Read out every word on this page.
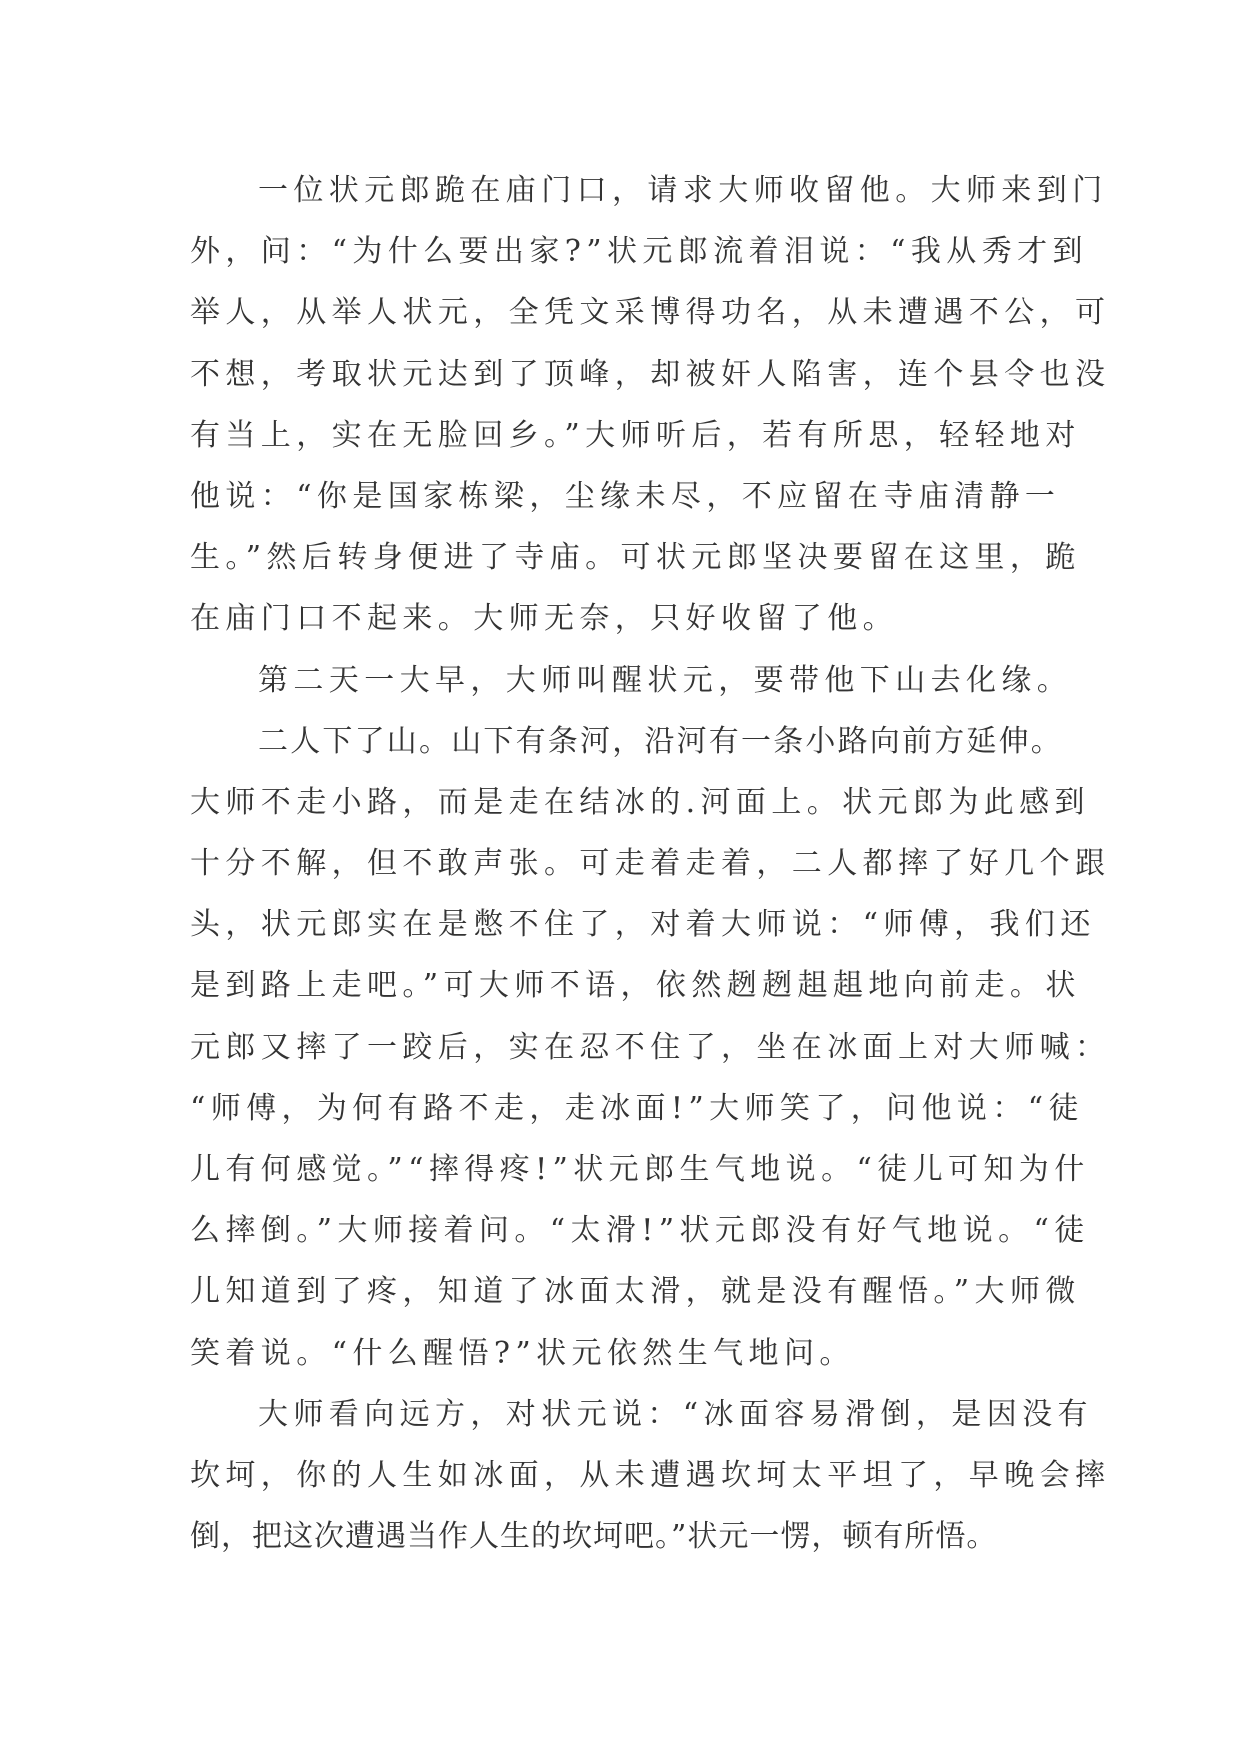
一位状元郎跪在庙门口，请求大师收留他。大师来到门
外，问：“为什么要出家?”状元郎流着泪说：“我从秀才到
举人，从举人状元，全凭文采博得功名，从未遭遇不公，可
不想，考取状元达到了顶峰，却被奸人陷害，连个县令也没
有当上，实在无脸回乡。”大师听后，若有所思，轻轻地对
他说：“你是国家栋梁，尘缘未尽，不应留在寺庙清静一
生。”然后转身便进了寺庙。可状元郎坚决要留在这里，跪
在庙门口不起来。大师无奈，只好收留了他。
第二天一大早，大师叫醒状元，要带他下山去化缘。
二人下了山。山下有条河，沿河有一条小路向前方延伸。
大师不走小路，而是走在结冰的.河面上。状元郎为此感到
十分不解，但不敢声张。可走着走着，二人都摔了好几个跟
头，状元郎实在是憋不住了，对着大师说：“师傅，我们还
是到路上走吧。”可大师不语，依然趔趔趄趄地向前走。状
元郎又摔了一跤后，实在忍不住了，坐在冰面上对大师喊：
“师傅，为何有路不走，走冰面!”大师笑了，问他说：“徒
儿有何感觉。”“摔得疼!”状元郎生气地说。“徒儿可知为什
么摔倒。”大师接着问。“太滑!”状元郎没有好气地说。“徒
儿知道到了疼，知道了冰面太滑，就是没有醒悟。”大师微
笑着说。“什么醒悟?”状元依然生气地问。
大师看向远方，对状元说：“冰面容易滑倒，是因没有
坎坷，你的人生如冰面，从未遭遇坎坷太平坦了，早晚会摔
倒，把这次遭遇当作人生的坎坷吧。”状元一愣，顿有所悟。
